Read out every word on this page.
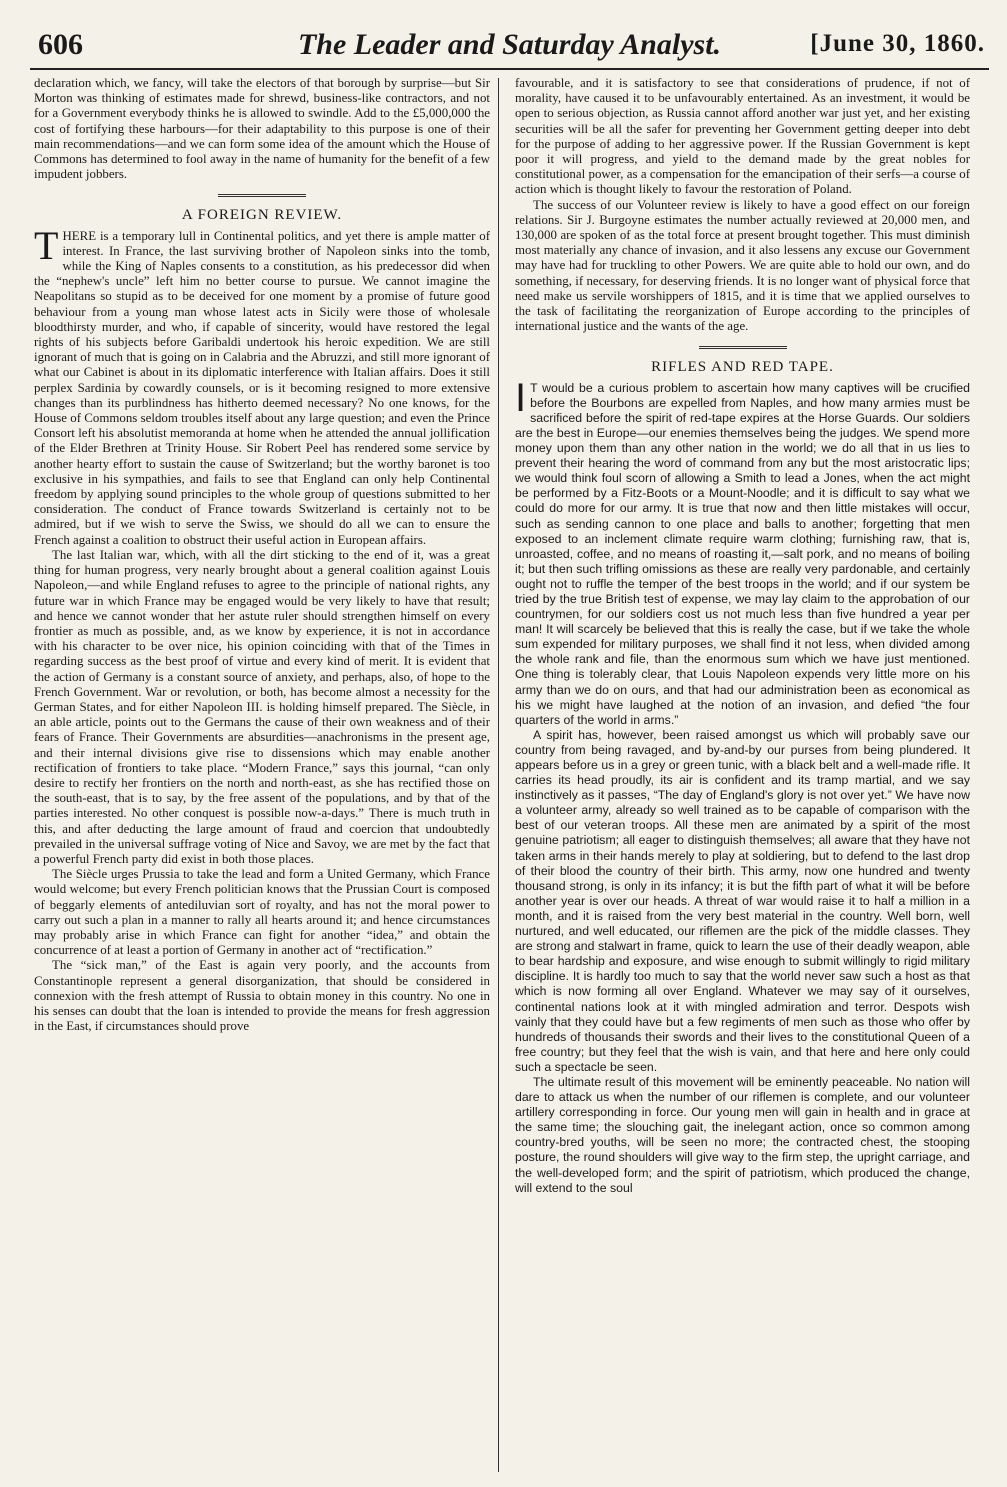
606	The Leader and Saturday Analyst.	[June 30, 1860.

declaration which, we fancy, will take the electors of that borough by surprise—but Sir Morton was thinking of estimates made for shrewd, business-like contractors, and not for a Government everybody thinks he is allowed to swindle. Add to the £5,000,000 the cost of fortifying these harbours—for their adaptability to this purpose is one of their main recommendations—and we can form some idea of the amount which the House of Commons has determined to fool away in the name of humanity for the benefit of a few impudent jobbers.

A FOREIGN REVIEW.

THERE is a temporary lull in Continental politics, and yet there is ample matter of interest. In France, the last surviving brother of Napoleon sinks into the tomb, while the King of Naples consents to a constitution, as his predecessor did when the “nephew's uncle” left him no better course to pursue. We cannot imagine the Neapolitans so stupid as to be deceived for one moment by a promise of future good behaviour from a young man whose latest acts in Sicily were those of wholesale bloodthirsty murder, and who, if capable of sincerity, would have restored the legal rights of his subjects before Garibaldi undertook his heroic expedition. We are still ignorant of much that is going on in Calabria and the Abruzzi, and still more ignorant of what our Cabinet is about in its diplomatic interference with Italian affairs. Does it still perplex Sardinia by cowardly counsels, or is it becoming resigned to more extensive changes than its purblindness has hitherto deemed necessary? No one knows, for the House of Commons seldom troubles itself about any large question; and even the Prince Consort left his absolutist memoranda at home when he attended the annual jollification of the Elder Brethren at Trinity House. Sir Robert Peel has rendered some service by another hearty effort to sustain the cause of Switzerland; but the worthy baronet is too exclusive in his sympathies, and fails to see that England can only help Continental freedom by applying sound principles to the whole group of questions submitted to her consideration. The conduct of France towards Switzerland is certainly not to be admired, but if we wish to serve the Swiss, we should do all we can to ensure the French against a coalition to obstruct their useful action in European affairs.

The last Italian war, which, with all the dirt sticking to the end of it, was a great thing for human progress, very nearly brought about a general coalition against Louis Napoleon,—and while England refuses to agree to the principle of national rights, any future war in which France may be engaged would be very likely to have that result; and hence we cannot wonder that her astute ruler should strengthen himself on every frontier as much as possible, and, as we know by experience, it is not in accordance with his character to be over nice, his opinion coinciding with that of the Times in regarding success as the best proof of virtue and every kind of merit. It is evident that the action of Germany is a constant source of anxiety, and perhaps, also, of hope to the French Government. War or revolution, or both, has become almost a necessity for the German States, and for either Napoleon III. is holding himself prepared. The Siècle, in an able article, points out to the Germans the cause of their own weakness and of their fears of France. Their Governments are absurdities—anachronisms in the present age, and their internal divisions give rise to dissensions which may enable another rectification of frontiers to take place. “Modern France,” says this journal, “can only desire to rectify her frontiers on the north and north-east, as she has rectified those on the south-east, that is to say, by the free assent of the populations, and by that of the parties interested. No other conquest is possible now-a-days.” There is much truth in this, and after deducting the large amount of fraud and coercion that undoubtedly prevailed in the universal suffrage voting of Nice and Savoy, we are met by the fact that a powerful French party did exist in both those places.

The Siècle urges Prussia to take the lead and form a United Germany, which France would welcome; but every French politician knows that the Prussian Court is composed of beggarly elements of antediluvian sort of royalty, and has not the moral power to carry out such a plan in a manner to rally all hearts around it; and hence circumstances may probably arise in which France can fight for another “idea,” and obtain the concurrence of at least a portion of Germany in another act of “rectification.”

The “sick man,” of the East is again very poorly, and the accounts from Constantinople represent a general disorganization, that should be considered in connexion with the fresh attempt of Russia to obtain money in this country. No one in his senses can doubt that the loan is intended to provide the means for fresh aggression in the East, if circumstances should prove

favourable, and it is satisfactory to see that considerations of prudence, if not of morality, have caused it to be unfavourably entertained. As an investment, it would be open to serious objection, as Russia cannot afford another war just yet, and her existing securities will be all the safer for preventing her Government getting deeper into debt for the purpose of adding to her aggressive power. If the Russian Government is kept poor it will progress, and yield to the demand made by the great nobles for constitutional power, as a compensation for the emancipation of their serfs—a course of action which is thought likely to favour the restoration of Poland.

The success of our Volunteer review is likely to have a good effect on our foreign relations. Sir J. Burgoyne estimates the number actually reviewed at 20,000 men, and 130,000 are spoken of as the total force at present brought together. This must diminish most materially any chance of invasion, and it also lessens any excuse our Government may have had for truckling to other Powers. We are quite able to hold our own, and do something, if necessary, for deserving friends. It is no longer want of physical force that need make us servile worshippers of 1815, and it is time that we applied ourselves to the task of facilitating the reorganization of Europe according to the principles of international justice and the wants of the age.

RIFLES AND RED TAPE.

I T would be a curious problem to ascertain how many captives will be crucified before the Bourbons are expelled from Naples, and how many armies must be sacrificed before the spirit of red-tape expires at the Horse Guards. Our soldiers are the best in Europe—our enemies themselves being the judges. We spend more money upon them than any other nation in the world; we do all that in us lies to prevent their hearing the word of command from any but the most aristocratic lips; we would think foul scorn of allowing a Smith to lead a Jones, when the act might be performed by a Fitz-Boots or a Mount-Noodle; and it is difficult to say what we could do more for our army. It is true that now and then little mistakes will occur, such as sending cannon to one place and balls to another; forgetting that men exposed to an inclement climate require warm clothing; furnishing raw, that is, unroasted, coffee, and no means of roasting it,—salt pork, and no means of boiling it; but then such trifling omissions as these are really very pardonable, and certainly ought not to ruffle the temper of the best troops in the world; and if our system be tried by the true British test of expense, we may lay claim to the approbation of our countrymen, for our soldiers cost us not much less than five hundred a year per man! It will scarcely be believed that this is really the case, but if we take the whole sum expended for military purposes, we shall find it not less, when divided among the whole rank and file, than the enormous sum which we have just mentioned. One thing is tolerably clear, that Louis Napoleon expends very little more on his army than we do on ours, and that had our administration been as economical as his we might have laughed at the notion of an invasion, and defied “the four quarters of the world in arms.”

A spirit has, however, been raised amongst us which will probably save our country from being ravaged, and by-and-by our purses from being plundered. It appears before us in a grey or green tunic, with a black belt and a well-made rifle. It carries its head proudly, its air is confident and its tramp martial, and we say instinctively as it passes, “The day of England's glory is not over yet.” We have now a volunteer army, already so well trained as to be capable of comparison with the best of our veteran troops. All these men are animated by a spirit of the most genuine patriotism; all eager to distinguish themselves; all aware that they have not taken arms in their hands merely to play at soldiering, but to defend to the last drop of their blood the country of their birth. This army, now one hundred and twenty thousand strong, is only in its infancy; it is but the fifth part of what it will be before another year is over our heads. A threat of war would raise it to half a million in a month, and it is raised from the very best material in the country. Well born, well nurtured, and well educated, our riflemen are the pick of the middle classes. They are strong and stalwart in frame, quick to learn the use of their deadly weapon, able to bear hardship and exposure, and wise enough to submit willingly to rigid military discipline. It is hardly too much to say that the world never saw such a host as that which is now forming all over England. Whatever we may say of it ourselves, continental nations look at it with mingled admiration and terror. Despots wish vainly that they could have but a few regiments of men such as those who offer by hundreds of thousands their swords and their lives to the constitutional Queen of a free country; but they feel that the wish is vain, and that here and here only could such a spectacle be seen.

The ultimate result of this movement will be eminently peaceable. No nation will dare to attack us when the number of our riflemen is complete, and our volunteer artillery corresponding in force. Our young men will gain in health and in grace at the same time; the slouching gait, the inelegant action, once so common among country-bred youths, will be seen no more; the contracted chest, the stooping posture, the round shoulders will give way to the firm step, the upright carriage, and the well-developed form; and the spirit of patriotism, which produced the change, will extend to the soul
